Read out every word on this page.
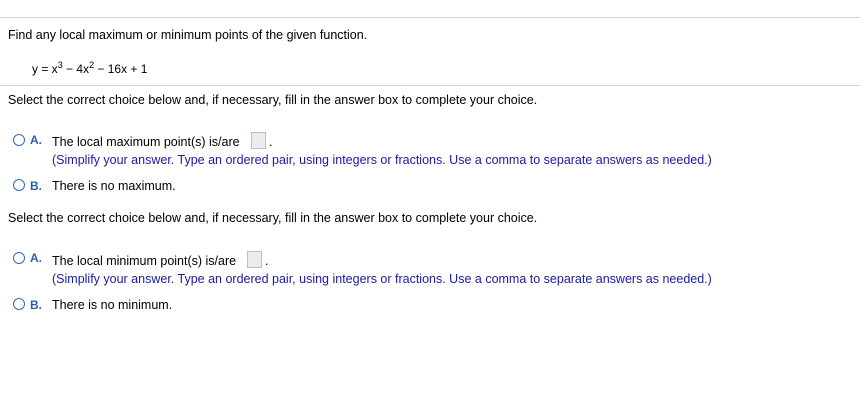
Find any local maximum or minimum points of the given function.
$y = x^3 - 4x^2 - 16x + 1$
Select the correct choice below and, if necessary, fill in the answer box to complete your choice.
A. The local maximum point(s) is/are .
(Simplify your answer. Type an ordered pair, using integers or fractions. Use a comma to separate answers as needed.)
B. There is no maximum.
Select the correct choice below and, if necessary, fill in the answer box to complete your choice.
A. The local minimum point(s) is/are .
(Simplify your answer. Type an ordered pair, using integers or fractions. Use a comma to separate answers as needed.)
B. There is no minimum.
